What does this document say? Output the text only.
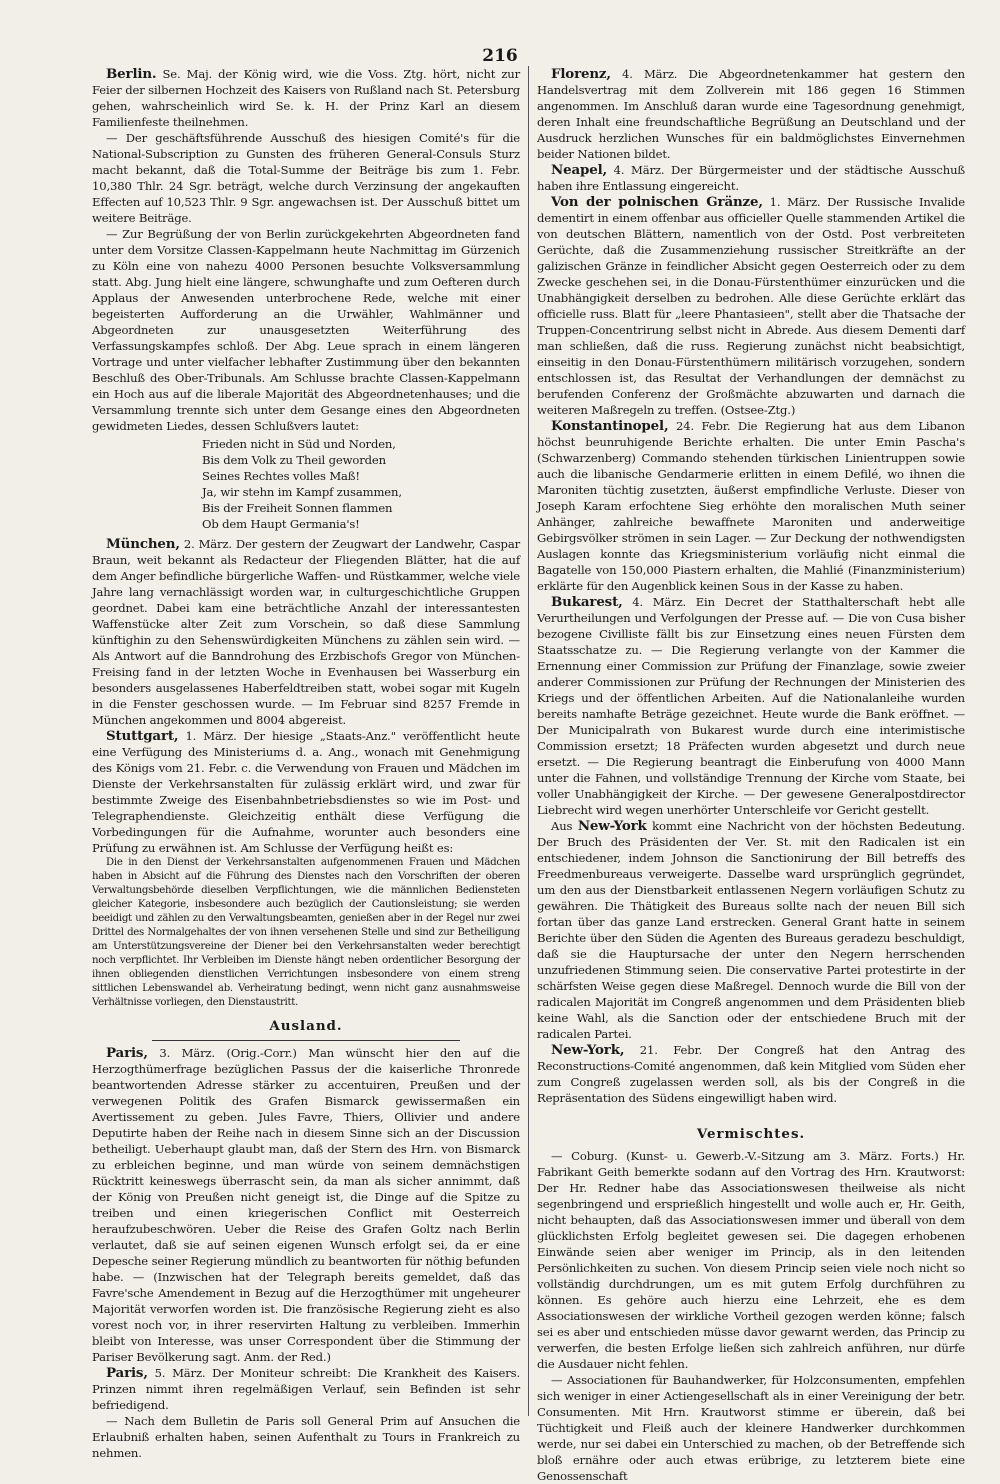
216

Berlin. Se. Maj. der König wird, wie die Voss. Ztg. hört, nicht zur Feier der silbernen Hochzeit des Kaisers von Rußland nach St. Petersburg gehen, wahrscheinlich wird Se. k. H. der Prinz Karl an diesem Familienfeste theilnehmen.

— Der geschäftsführende Ausschuß des hiesigen Comité's für die National-Subscription zu Gunsten des früheren General-Consuls Sturz macht bekannt, daß die Total-Summe der Beiträge bis zum 1. Febr. 10,380 Thlr. 24 Sgr. beträgt, welche durch Verzinsung der angekauften Effecten auf 10,523 Thlr. 9 Sgr. angewachsen ist. Der Ausschuß bittet um weitere Beiträge.

— Zur Begrüßung der von Berlin zurückgekehrten Abgeordneten fand unter dem Vorsitze Classen-Kappelmann heute Nachmittag im Gürzenich zu Köln eine von nahezu 4000 Personen besuchte Volksversammlung statt. Abg. Jung hielt eine längere, schwunghafte und zum Oefteren durch Applaus der Anwesenden unterbrochene Rede, welche mit einer begeisterten Aufforderung an die Urwähler, Wahlmänner und Abgeordneten zur unausgesetzten Weiterführung des Verfassungskampfes schloß. Der Abg. Leue sprach in einem längeren Vortrage und unter vielfacher lebhafter Zustimmung über den bekannten Beschluß des Ober-Tribunals. Am Schlusse brachte Classen-Kappelmann ein Hoch aus auf die liberale Majorität des Abgeordnetenhauses; und die Versammlung trennte sich unter dem Gesange eines den Abgeordneten gewidmeten Liedes, dessen Schlußvers lautet:

Frieden nicht in Süd und Norden,
Bis dem Volk zu Theil geworden
Seines Rechtes volles Maß!
Ja, wir stehn im Kampf zusammen,
Bis der Freiheit Sonnen flammen
Ob dem Haupt Germania's!

München, 2. März. Der gestern der Zeugwart der Landwehr, Caspar Braun, weit bekannt als Redacteur der Fliegenden Blätter, hat die auf dem Anger befindliche bürgerliche Waffen- und Rüstkammer, welche viele Jahre lang vernachlässigt worden war, in culturgeschichtliche Gruppen geordnet. Dabei kam eine beträchtliche Anzahl der interessantesten Waffenstücke alter Zeit zum Vorschein, so daß diese Sammlung künftighin zu den Sehenswürdigkeiten Münchens zu zählen sein wird. — Als Antwort auf die Banndrohung des Erzbischofs Gregor von München-Freising fand in der letzten Woche in Evenhausen bei Wasserburg ein besonders ausgelassenes Haberfeldtreiben statt, wobei sogar mit Kugeln in die Fenster geschossen wurde. — Im Februar sind 8257 Fremde in München angekommen und 8004 abgereist.

Stuttgart, 1. März. Der hiesige „Staats-Anz." veröffentlicht heute eine Verfügung des Ministeriums d. a. Ang., wonach mit Genehmigung des Königs vom 21. Febr. c. die Verwendung von Frauen und Mädchen im Dienste der Verkehrsanstalten für zulässig erklärt wird, und zwar für bestimmte Zweige des Eisenbahnbetriebsdienstes so wie im Post- und Telegraphendienste. Gleichzeitig enthält diese Verfügung die Vorbedingungen für die Aufnahme, worunter auch besonders eine Prüfung zu erwähnen ist. Am Schlusse der Verfügung heißt es:

Die in den Dienst der Verkehrsanstalten aufgenommenen Frauen und Mädchen haben in Absicht auf die Führung des Dienstes nach den Vorschriften der oberen Verwaltungsbehörde dieselben Verpflichtungen, wie die männlichen Bediensteten gleicher Kategorie, insbesondere auch bezüglich der Cautionsleistung; sie werden beeidigt und zählen zu den Verwaltungsbeamten, genießen aber in der Regel nur zwei Drittel des Normalgehaltes der von ihnen versehenen Stelle und sind zur Betheiligung am Unterstützungsvereine der Diener bei den Verkehrsanstalten weder berechtigt noch verpflichtet. Ihr Verbleiben im Dienste hängt neben ordentlicher Besorgung der ihnen obliegenden dienstlichen Verrichtungen insbesondere von einem streng sittlichen Lebenswandel ab. Verheiratung bedingt, wenn nicht ganz ausnahmsweise Verhältnisse vorliegen, den Dienstaustritt.

Ausland.

Paris, 3. März. (Orig.-Corr.) Man wünscht hier den auf die Herzogthümerfrage bezüglichen Passus der die kaiserliche Thronrede beantwortenden Adresse stärker zu accentuiren, Preußen und der verwegenen Politik des Grafen Bismarck gewissermaßen ein Avertissement zu geben. Jules Favre, Thiers, Ollivier und andere Deputirte haben der Reihe nach in diesem Sinne sich an der Discussion betheiligt. Ueberhaupt glaubt man, daß der Stern des Hrn. von Bismarck zu erbleichen beginne, und man würde von seinem demnächstigen Rücktritt keineswegs überrascht sein, da man als sicher annimmt, daß der König von Preußen nicht geneigt ist, die Dinge auf die Spitze zu treiben und einen kriegerischen Conflict mit Oesterreich heraufzubeschwören. Ueber die Reise des Grafen Goltz nach Berlin verlautet, daß sie auf seinen eigenen Wunsch erfolgt sei, da er eine Depesche seiner Regierung mündlich zu beantworten für nöthig befunden habe. — (Inzwischen hat der Telegraph bereits gemeldet, daß das Favre'sche Amendement in Bezug auf die Herzogthümer mit ungeheurer Majorität verworfen worden ist. Die französische Regierung zieht es also vorest noch vor, in ihrer reservirten Haltung zu verbleiben. Immerhin bleibt von Interesse, was unser Correspondent über die Stimmung der Pariser Bevölkerung sagt. Anm. der Red.)

Paris, 5. März. Der Moniteur schreibt: Die Krankheit des Kaisers. Prinzen nimmt ihren regelmäßigen Verlauf, sein Befinden ist sehr befriedigend.

— Nach dem Bulletin de Paris soll General Prim auf Ansuchen die Erlaubniß erhalten haben, seinen Aufenthalt zu Tours in Frankreich zu nehmen.

Florenz, 4. März. Die Abgeordnetenkammer hat gestern den Handelsvertrag mit dem Zollverein mit 186 gegen 16 Stimmen angenommen. Im Anschluß daran wurde eine Tagesordnung genehmigt, deren Inhalt eine freundschaftliche Begrüßung an Deutschland und der Ausdruck herzlichen Wunsches für ein baldmöglichstes Einvernehmen beider Nationen bildet.

Neapel, 4. März. Der Bürgermeister und der städtische Ausschuß haben ihre Entlassung eingereicht.

Von der polnischen Gränze, 1. März. Der Russische Invalide dementirt in einem offenbar aus officieller Quelle stammenden Artikel die von deutschen Blättern, namentlich von der Ostd. Post verbreiteten Gerüchte, daß die Zusammenziehung russischer Streitkräfte an der galizischen Gränze in feindlicher Absicht gegen Oesterreich oder zu dem Zwecke geschehen sei, in die Donau-Fürstenthümer einzurücken und die Unabhängigkeit derselben zu bedrohen. Alle diese Gerüchte erklärt das officielle russ. Blatt für „leere Phantasieen", stellt aber die Thatsache der Truppen-Concentrirung selbst nicht in Abrede. Aus diesem Dementi darf man schließen, daß die russ. Regierung zunächst nicht beabsichtigt, einseitig in den Donau-Fürstenthümern militärisch vorzugehen, sondern entschlossen ist, das Resultat der Verhandlungen der demnächst zu berufenden Conferenz der Großmächte abzuwarten und darnach die weiteren Maßregeln zu treffen. (Ostsee-Ztg.)

Konstantinopel, 24. Febr. Die Regierung hat aus dem Libanon höchst beunruhigende Berichte erhalten. Die unter Emin Pascha's (Schwarzenberg) Commando stehenden türkischen Linientruppen sowie auch die libanische Gendarmerie erlitten in einem Defilé, wo ihnen die Maroniten tüchtig zusetzten, äußerst empfindliche Verluste. Dieser von Joseph Karam erfochtene Sieg erhöhte den moralischen Muth seiner Anhänger, zahlreiche bewaffnete Maroniten und anderweitige Gebirgsvölker strömen in sein Lager. — Zur Deckung der nothwendigsten Auslagen konnte das Kriegsministerium vorläufig nicht einmal die Bagatelle von 150,000 Piastern erhalten, die Mahlié (Finanzministerium) erklärte für den Augenblick keinen Sous in der Kasse zu haben.

Bukarest, 4. März. Ein Decret der Statthalterschaft hebt alle Verurtheilungen und Verfolgungen der Presse auf. — Die von Cusa bisher bezogene Civilliste fällt bis zur Einsetzung eines neuen Fürsten dem Staatsschatze zu. — Die Regierung verlangte von der Kammer die Ernennung einer Commission zur Prüfung der Finanzlage, sowie zweier anderer Commissionen zur Prüfung der Rechnungen der Ministerien des Kriegs und der öffentlichen Arbeiten. Auf die Nationalanleihe wurden bereits namhafte Beträge gezeichnet. Heute wurde die Bank eröffnet. — Der Municipalrath von Bukarest wurde durch eine interimistische Commission ersetzt; 18 Präfecten wurden abgesetzt und durch neue ersetzt. — Die Regierung beantragt die Einberufung von 4000 Mann unter die Fahnen, und vollständige Trennung der Kirche vom Staate, bei voller Unabhängigkeit der Kirche. — Der gewesene Generalpostdirector Liebrecht wird wegen unerhörter Unterschleife vor Gericht gestellt.

Aus New-York kommt eine Nachricht von der höchsten Bedeutung. Der Bruch des Präsidenten der Ver. St. mit den Radicalen ist ein entschiedener, indem Johnson die Sanctionirung der Bill betreffs des Freedmenbureaus verweigerte. Dasselbe ward ursprünglich gegründet, um den aus der Dienstbarkeit entlassenen Negern vorläufigen Schutz zu gewähren. Die Thätigkeit des Bureaus sollte nach der neuen Bill sich fortan über das ganze Land erstrecken. General Grant hatte in seinem Berichte über den Süden die Agenten des Bureaus geradezu beschuldigt, daß sie die Hauptursache der unter den Negern herrschenden unzufriedenen Stimmung seien. Die conservative Partei protestirte in der schärfsten Weise gegen diese Maßregel. Dennoch wurde die Bill von der radicalen Majorität im Congreß angenommen und dem Präsidenten blieb keine Wahl, als die Sanction oder der entschiedene Bruch mit der radicalen Partei.

New-York, 21. Febr. Der Congreß hat den Antrag des Reconstructions-Comité angenommen, daß kein Mitglied vom Süden eher zum Congreß zugelassen werden soll, als bis der Congreß in die Repräsentation des Südens eingewilligt haben wird.

Vermischtes.

— Coburg. (Kunst- u. Gewerb.-V.-Sitzung am 3. März. Forts.) Hr. Fabrikant Geith bemerkte sodann auf den Vortrag des Hrn. Krautworst: Der Hr. Redner habe das Associationswesen theilweise als nicht segenbringend und ersprießlich hingestellt und wolle auch er, Hr. Geith, nicht behaupten, daß das Associationswesen immer und überall von dem glücklichsten Erfolg begleitet gewesen sei. Die dagegen erhobenen Einwände seien aber weniger im Princip, als in den leitenden Persönlichkeiten zu suchen. Von diesem Princip seien viele noch nicht so vollständig durchdrungen, um es mit gutem Erfolg durchführen zu können. Es gehöre auch hierzu eine Lehrzeit, ehe es dem Associationswesen der wirkliche Vortheil gezogen werden könne; falsch sei es aber und entschieden müsse davor gewarnt werden, das Princip zu verwerfen, die besten Erfolge ließen sich zahlreich anführen, nur dürfe die Ausdauer nicht fehlen.

— Associationen für Bauhandwerker, für Holzconsumenten, empfehlen sich weniger in einer Actiengesellschaft als in einer Vereinigung der betr. Consumenten. Mit Hrn. Krautworst stimme er überein, daß bei Tüchtigkeit und Fleiß auch der kleinere Handwerker durchkommen werde, nur sei dabei ein Unterschied zu machen, ob der Betreffende sich bloß ernähre oder auch etwas erübrige, zu letzterem biete eine Genossenschaft
